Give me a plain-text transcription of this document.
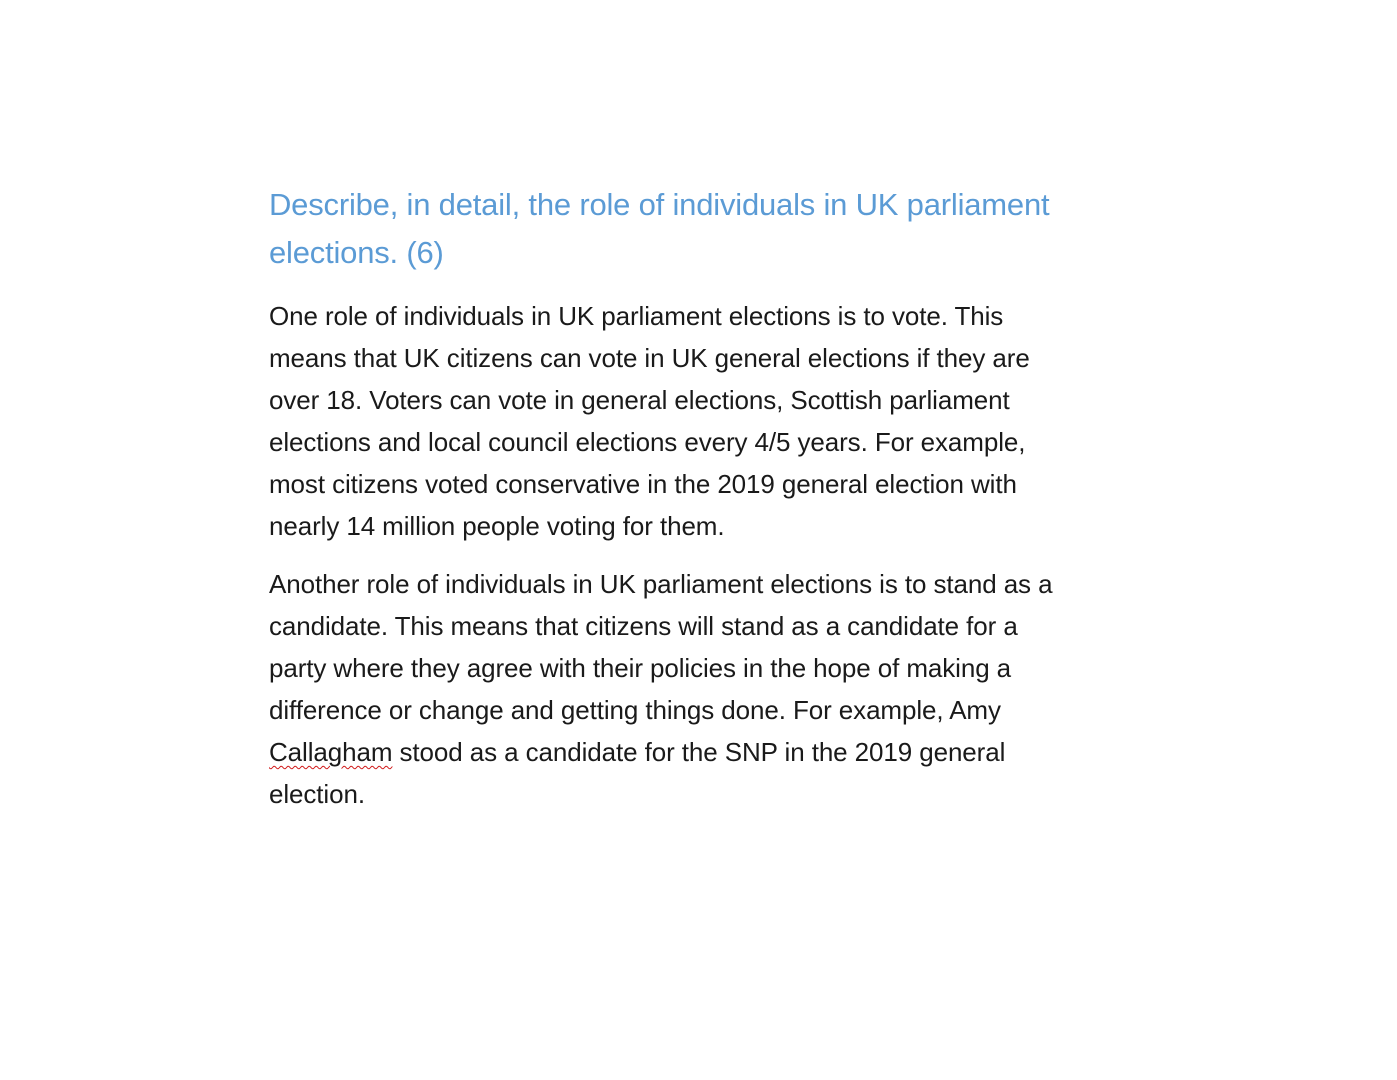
Describe, in detail, the role of individuals in UK parliament
elections. (6)

One role of individuals in UK parliament elections is to vote. This
means that UK citizens can vote in UK general elections if they are
over 18. Voters can vote in general elections, Scottish parliament
elections and local council elections every 4/5 years. For example,
most citizens voted conservative in the 2019 general election with
nearly 14 million people voting for them.

Another role of individuals in UK parliament elections is to stand as a
candidate. This means that citizens will stand as a candidate for a
party where they agree with their policies in the hope of making a
difference or change and getting things done. For example, Amy
Callagham stood as a candidate for the SNP in the 2019 general
election.
